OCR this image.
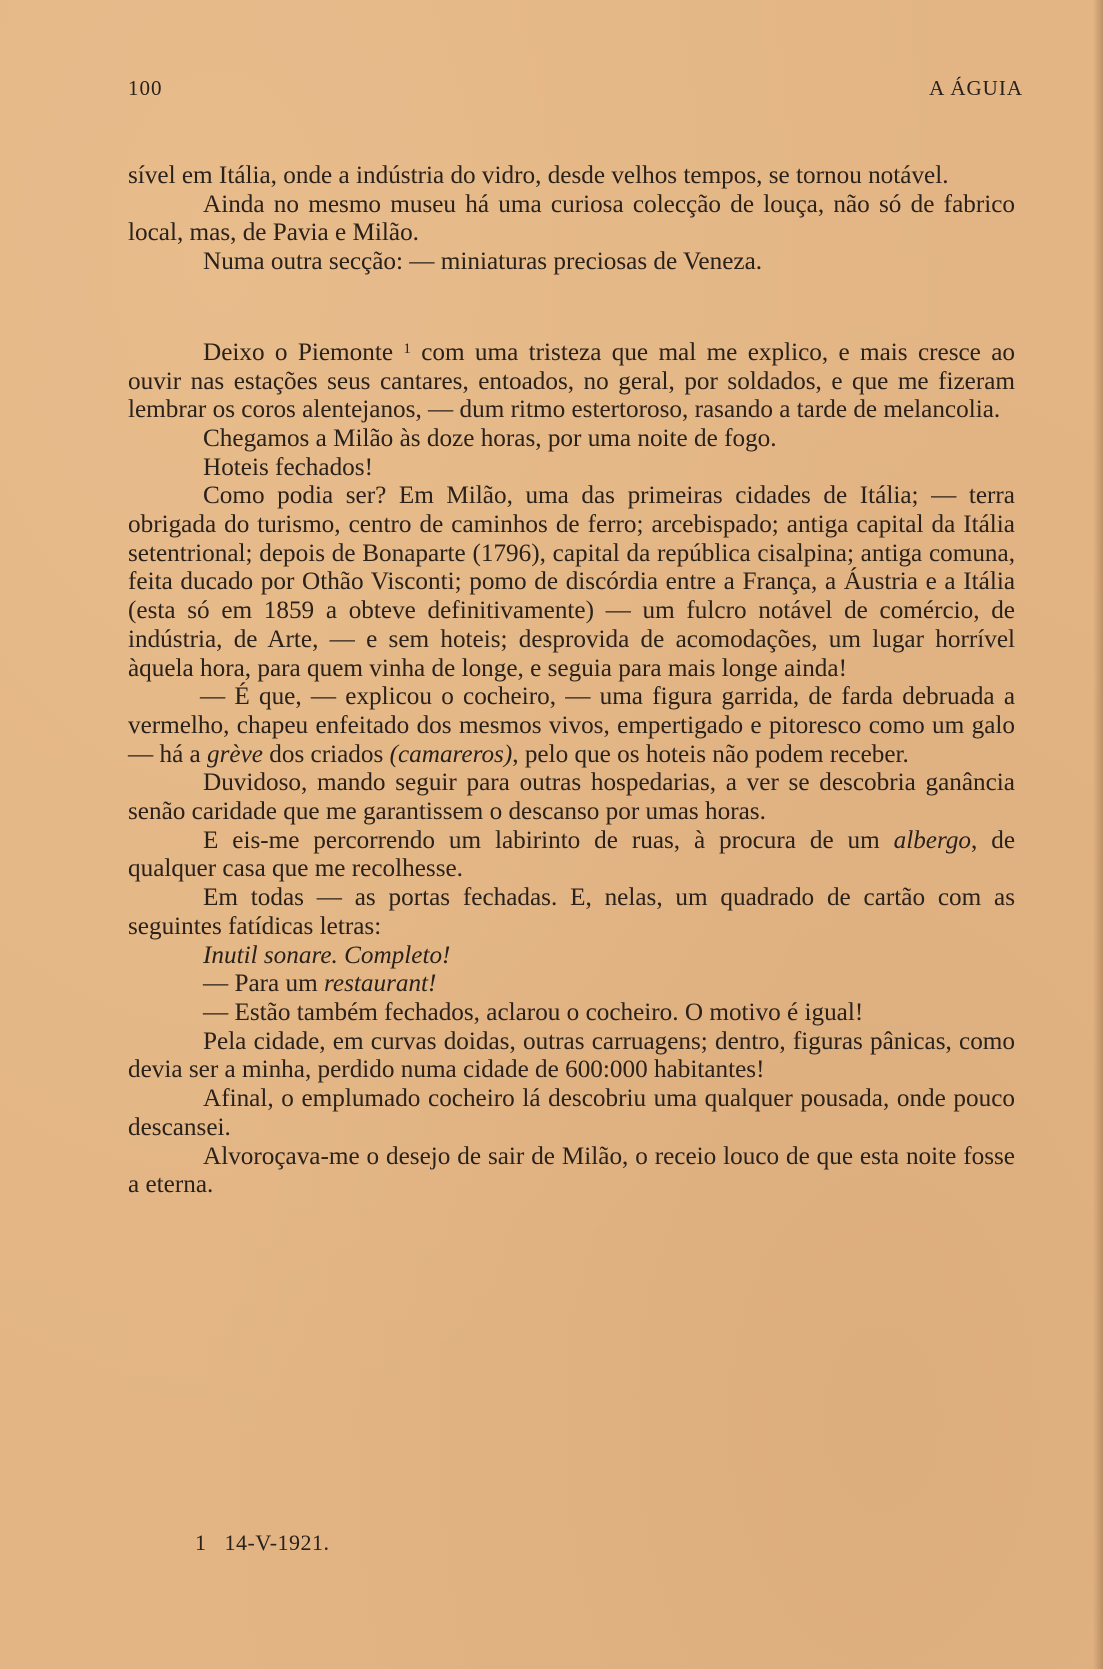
100	A ÁGUIA

sível em Itália, onde a indústria do vidro, desde velhos tempos, se tornou notável.

Ainda no mesmo museu há uma curiosa colecção de louça, não só de fabrico local, mas, de Pavia e Milão.

Numa outra secção: — miniaturas preciosas de Veneza.

Deixo o Piemonte $^1$ com uma tristeza que mal me explico, e mais cresce ao ouvir nas estações seus cantares, entoados, no geral, por soldados, e que me fizeram lembrar os coros alentejanos, — dum ritmo estertoroso, rasando a tarde de melancolia.

Chegamos a Milão às doze horas, por uma noite de fogo.

Hoteis fechados!

Como podia ser? Em Milão, uma das primeiras cidades de Itália; — terra obrigada do turismo, centro de caminhos de ferro; arcebispado; antiga capital da Itália setentrional; depois de Bonaparte (1796), capital da república cisalpina; antiga comuna, feita ducado por Othão Visconti; pomo de discórdia entre a França, a Áustria e a Itália (esta só em 1859 a obteve definitivamente) — um fulcro notável de comércio, de indústria, de Arte, — e sem hoteis; desprovida de acomodações, um lugar horrível àquela hora, para quem vinha de longe, e seguia para mais longe ainda!

— É que, — explicou o cocheiro, — uma figura garrida, de farda debruada a vermelho, chapeu enfeitado dos mesmos vivos, empertigado e pitoresco como um galo — há a grève dos criados (camareros), pelo que os hoteis não podem receber.

Duvidoso, mando seguir para outras hospedarias, a ver se descobria ganância senão caridade que me garantissem o descanso por umas horas.

E eis-me percorrendo um labirinto de ruas, à procura de um albergo, de qualquer casa que me recolhesse.

Em todas — as portas fechadas. E, nelas, um quadrado de cartão com as seguintes fatídicas letras:

Inutil sonare. Completo!

— Para um restaurant!

— Estão também fechados, aclarou o cocheiro. O motivo é igual!

Pela cidade, em curvas doidas, outras carruagens; dentro, figuras pânicas, como devia ser a minha, perdido numa cidade de 600:000 habitantes!

Afinal, o emplumado cocheiro lá descobriu uma qualquer pousada, onde pouco descansei.

Alvoroçava-me o desejo de sair de Milão, o receio louco de que esta noite fosse a eterna.

1 14-V-1921.
